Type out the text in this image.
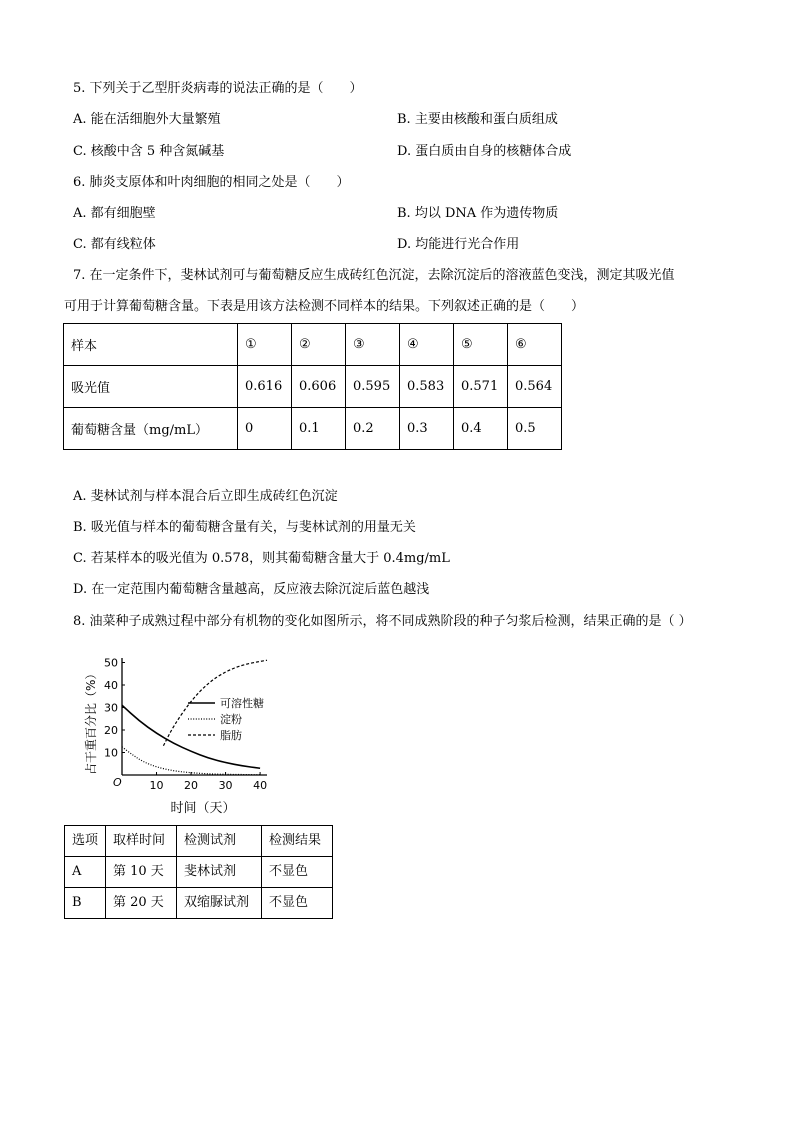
5. 下列关于乙型肝炎病毒的说法正确的是（　　）
A. 能在活细胞外大量繁殖	B. 主要由核酸和蛋白质组成
C. 核酸中含 5 种含氮碱基	D. 蛋白质由自身的核糖体合成
6. 肺炎支原体和叶肉细胞的相同之处是（　　）
A. 都有细胞壁	B. 均以 DNA 作为遗传物质
C. 都有线粒体	D. 均能进行光合作用
7. 在一定条件下，斐林试剂可与葡萄糖反应生成砖红色沉淀，去除沉淀后的溶液蓝色变浅，测定其吸光值
可用于计算葡萄糖含量。下表是用该方法检测不同样本的结果。下列叙述正确的是（　　）
样本	①	②	③	④	⑤	⑥
吸光值	0.616	0.606	0.595	0.583	0.571	0.564
葡萄糖含量（mg/mL）	0	0.1	0.2	0.3	0.4	0.5
A. 斐林试剂与样本混合后立即生成砖红色沉淀
B. 吸光值与样本的葡萄糖含量有关，与斐林试剂的用量无关
C. 若某样本的吸光值为 0.578，则其葡萄糖含量大于 0.4mg/mL
D. 在一定范围内葡萄糖含量越高，反应液去除沉淀后蓝色越浅
8. 油菜种子成熟过程中部分有机物的变化如图所示，将不同成熟阶段的种子匀浆后检测，结果正确的是（ ）
10 20 30 40
10
20
30
40
50
O
占干重百分比（%）
时间（天）
可溶性糖
淀粉
脂肪
选项	取样时间	检测试剂	检测结果
A	第 10 天	斐林试剂	不显色
B	第 20 天	双缩脲试剂	不显色
